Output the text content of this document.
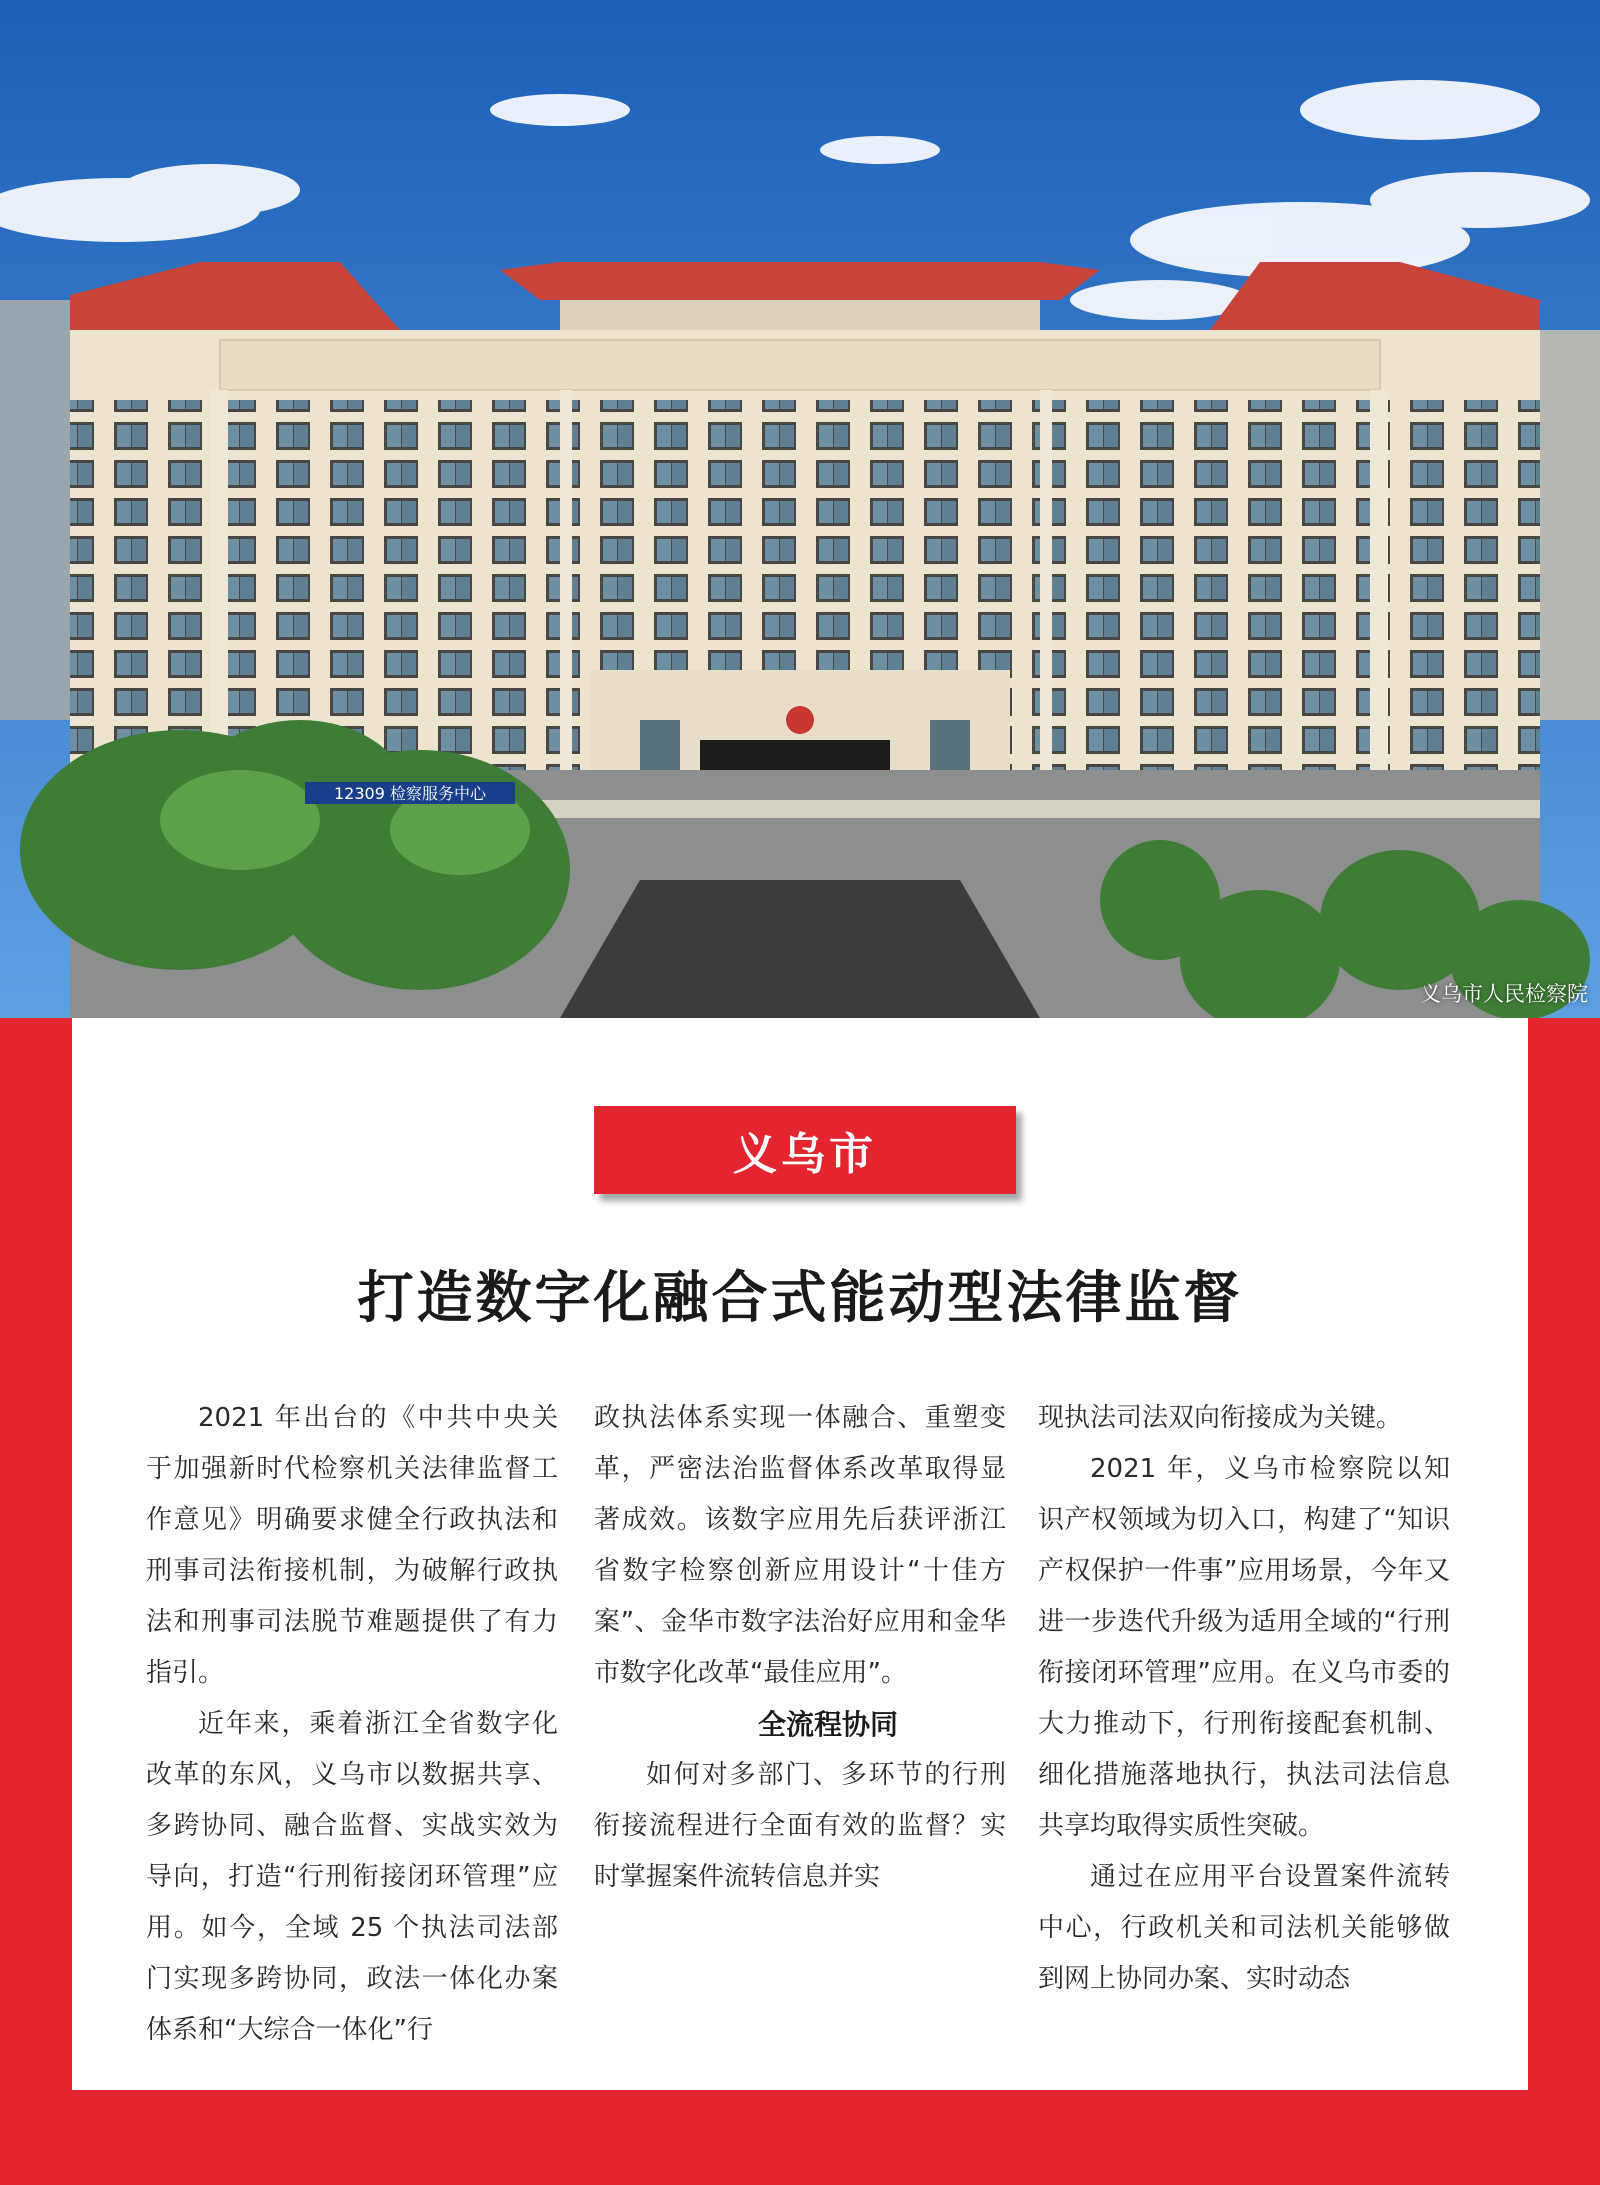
12309 检察服务中心
义乌市人民检察院
义乌市
打造数字化融合式能动型法律监督

2021 年出台的《中共中央关于加强新时代检察机关法律监督工作意见》明确要求健全行政执法和刑事司法衔接机制，为破解行政执法和刑事司法脱节难题提供了有力指引。

近年来，乘着浙江全省数字化改革的东风，义乌市以数据共享、多跨协同、融合监督、实战实效为导向，打造“行刑衔接闭环管理”应用。如今，全域 25 个执法司法部门实现多跨协同，政法一体化办案体系和“大综合一体化”行

政执法体系实现一体融合、重塑变革，严密法治监督体系改革取得显著成效。该数字应用先后获评浙江省数字检察创新应用设计“十佳方案”、金华市数字法治好应用和金华市数字化改革“最佳应用”。

全流程协同

如何对多部门、多环节的行刑衔接流程进行全面有效的监督？实时掌握案件流转信息并实

现执法司法双向衔接成为关键。

2021 年，义乌市检察院以知识产权领域为切入口，构建了“知识产权保护一件事”应用场景，今年又进一步迭代升级为适用全域的“行刑衔接闭环管理”应用。在义乌市委的大力推动下，行刑衔接配套机制、细化措施落地执行，执法司法信息共享均取得实质性突破。

通过在应用平台设置案件流转中心，行政机关和司法机关能够做到网上协同办案、实时动态
